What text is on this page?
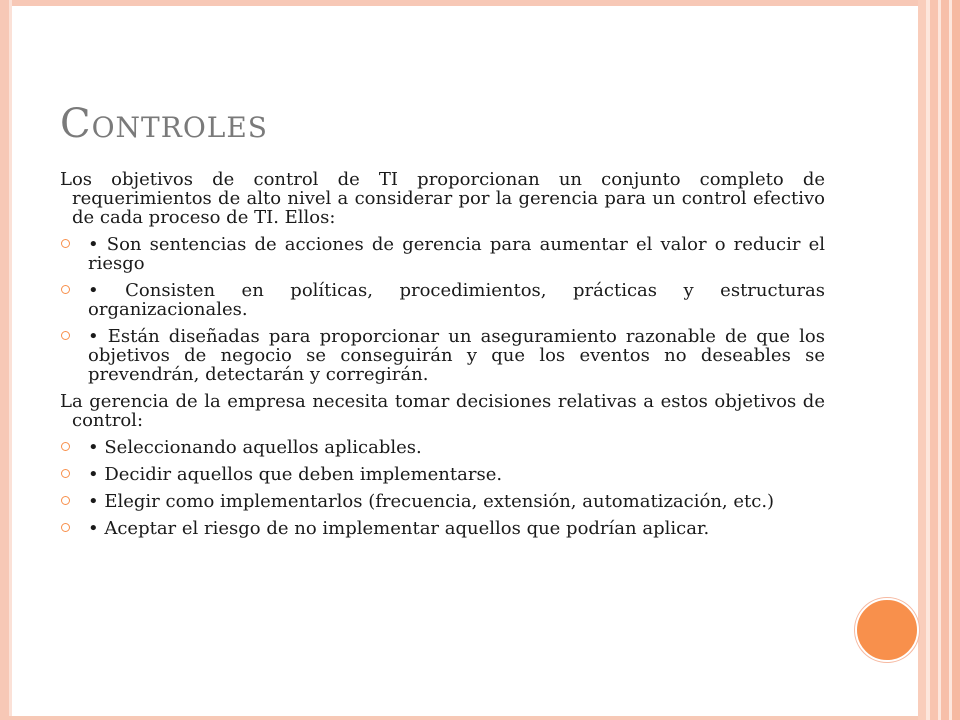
Controles

Los objetivos de control de TI proporcionan un conjunto completo de requerimientos de alto nivel a considerar por la gerencia para un control efectivo de cada proceso de TI. Ellos:

• Son sentencias de acciones de gerencia para aumentar el valor o reducir el riesgo
• Consisten en políticas, procedimientos, prácticas y estructuras organizacionales.
• Están diseñadas para proporcionar un aseguramiento razonable de que los objetivos de negocio se conseguirán y que los eventos no deseables se prevendrán, detectarán y corregirán.

La gerencia de la empresa necesita tomar decisiones relativas a estos objetivos de control:

• Seleccionando aquellos aplicables.
• Decidir aquellos que deben implementarse.
• Elegir como implementarlos (frecuencia, extensión, automatización, etc.)
• Aceptar el riesgo de no implementar aquellos que podrían aplicar.
